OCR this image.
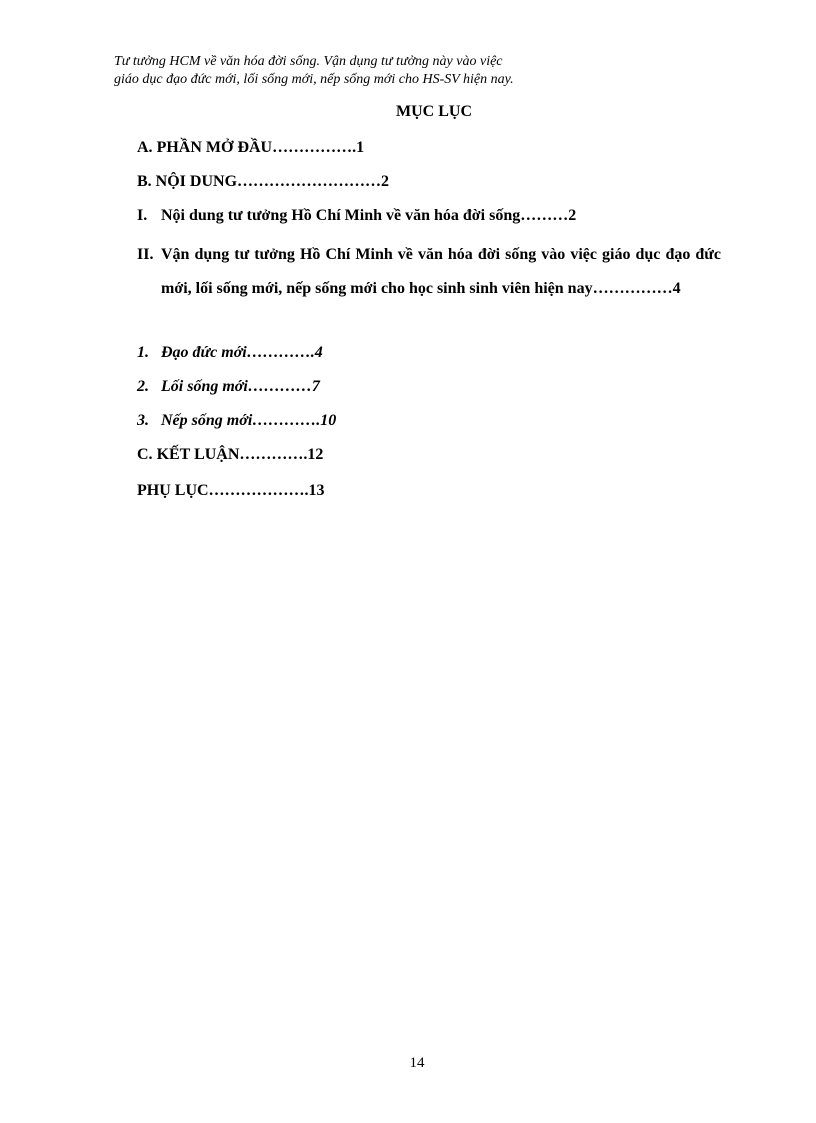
Tư tưởng HCM về văn hóa đời sống. Vận dụng tư tưởng này vào việc
giáo dục đạo đức mới, lối sống mới, nếp sống mới cho HS-SV hiện nay.
MỤC LỤC
A. PHẦN MỞ ĐẦU…………….1
B. NỘI DUNG………………………2
I. Nội dung tư tưởng Hồ Chí Minh về văn hóa đời sống………2
II. Vận dụng tư tưởng Hồ Chí Minh về văn hóa đời sống vào việc giáo dục đạo đức mới, lối sống mới, nếp sống mới cho học sinh sinh viên hiện nay……………4
1. Đạo đức mới………….4
2. Lối sống mới…………7
3. Nếp sống mới………….10
C. KẾT LUẬN………….12
PHỤ LỤC……………….13
14
